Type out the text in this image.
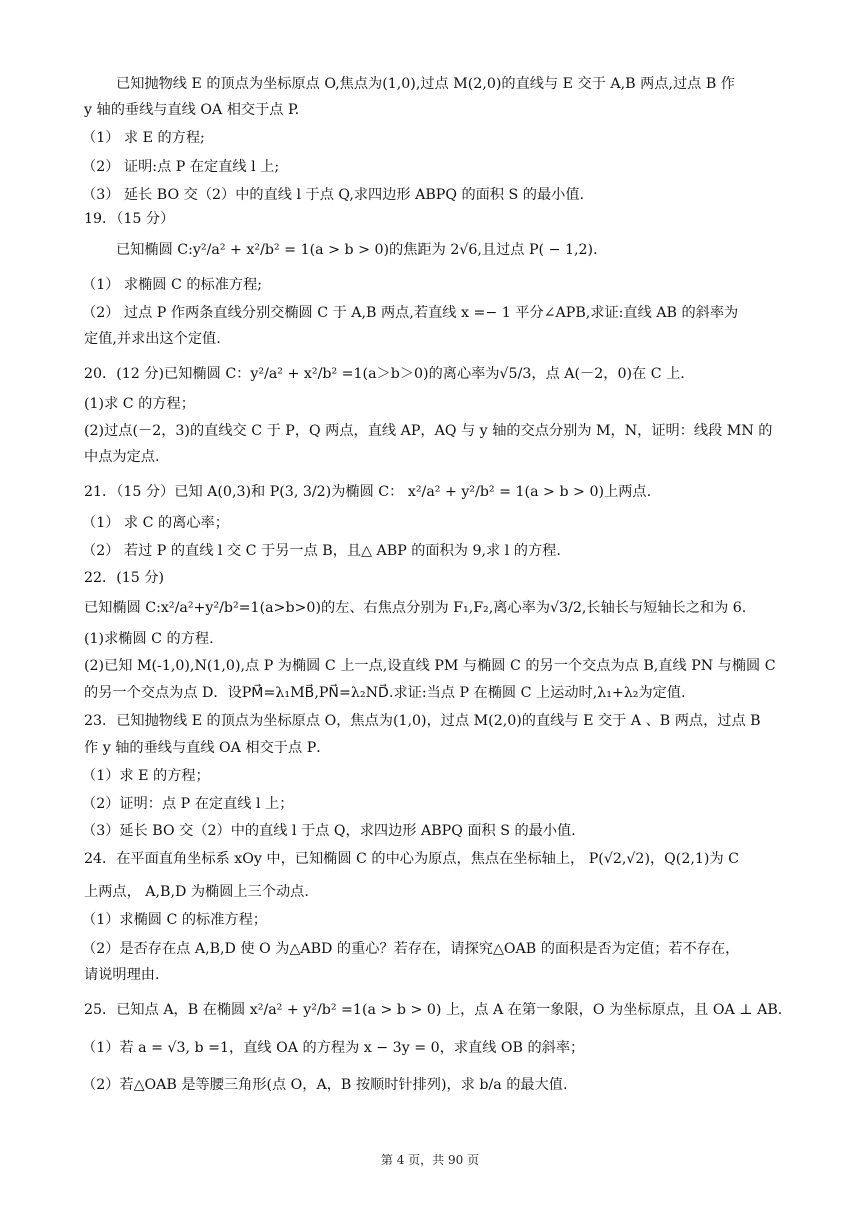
已知抛物线 E 的顶点为坐标原点 O,焦点为(1,0),过点 M(2,0)的直线与 E 交于 A,B 两点,过点 B 作
y 轴的垂线与直线 OA 相交于点 P.
（1） 求 E 的方程;
（2） 证明:点 P 在定直线 l 上;
（3） 延长 BO 交（2）中的直线 l 于点 Q,求四边形 ABPQ 的面积 S 的最小值.
19．（15 分）
已知椭圆 C:y²/a² + x²/b² = 1(a > b > 0)的焦距为 2√6,且过点 P( − 1,2).
（1） 求椭圆 C 的标准方程;
（2） 过点 P 作两条直线分别交椭圆 C 于 A,B 两点,若直线 x =− 1 平分∠APB,求证:直线 AB 的斜率为
定值,并求出这个定值.
20．(12 分)已知椭圆 C：y²/a² + x²/b² =1(a＞b＞0)的离心率为√5/3，点 A(－2，0)在 C 上.
(1)求 C 的方程；
(2)过点(－2，3)的直线交 C 于 P，Q 两点，直线 AP，AQ 与 y 轴的交点分别为 M，N，证明：线段 MN 的
中点为定点.
21．（15 分）已知 A(0,3)和 P(3, 3/2)为椭圆 C： x²/a² + y²/b² = 1(a > b > 0)上两点.
（1） 求 C 的离心率；
（2） 若过 P 的直线 l 交 C 于另一点 B，且△ ABP 的面积为 9,求 l 的方程.
22．(15 分)
已知椭圆 C:x²/a²+y²/b²=1(a>b>0)的左、右焦点分别为 F₁,F₂,离心率为√3/2,长轴长与短轴长之和为 6.
(1)求椭圆 C 的方程.
(2)已知 M(-1,0),N(1,0),点 P 为椭圆 C 上一点,设直线 PM 与椭圆 C 的另一个交点为点 B,直线 PN 与椭圆 C
的另一个交点为点 D．设PM⃗=λ₁MB⃗,PN⃗=λ₂ND⃗.求证:当点 P 在椭圆 C 上运动时,λ₁+λ₂为定值.
23．已知抛物线 E 的顶点为坐标原点 O，焦点为(1,0)，过点 M(2,0)的直线与 E 交于 A 、B 两点，过点 B
作 y 轴的垂线与直线 OA 相交于点 P．
（1）求 E 的方程；
（2）证明：点 P 在定直线 l 上；
（3）延长 BO 交（2）中的直线 l 于点 Q，求四边形 ABPQ 面积 S 的最小值.
24．在平面直角坐标系 xOy 中，已知椭圆 C 的中心为原点，焦点在坐标轴上， P(√2,√2)，Q(2,1)为 C
上两点， A,B,D 为椭圆上三个动点.
（1）求椭圆 C 的标准方程；
（2）是否存在点 A,B,D 使 O 为△ABD 的重心？若存在，请探究△OAB 的面积是否为定值；若不存在，
请说明理由.
25．已知点 A，B 在椭圆 x²/a² + y²/b² =1(a > b > 0) 上，点 A 在第一象限，O 为坐标原点，且 OA ⊥ AB．
（1）若 a = √3, b =1，直线 OA 的方程为 x − 3y = 0，求直线 OB 的斜率；
（2）若△OAB 是等腰三角形(点 O，A，B 按顺时针排列)，求 b/a 的最大值.
第 4 页，共 90 页
